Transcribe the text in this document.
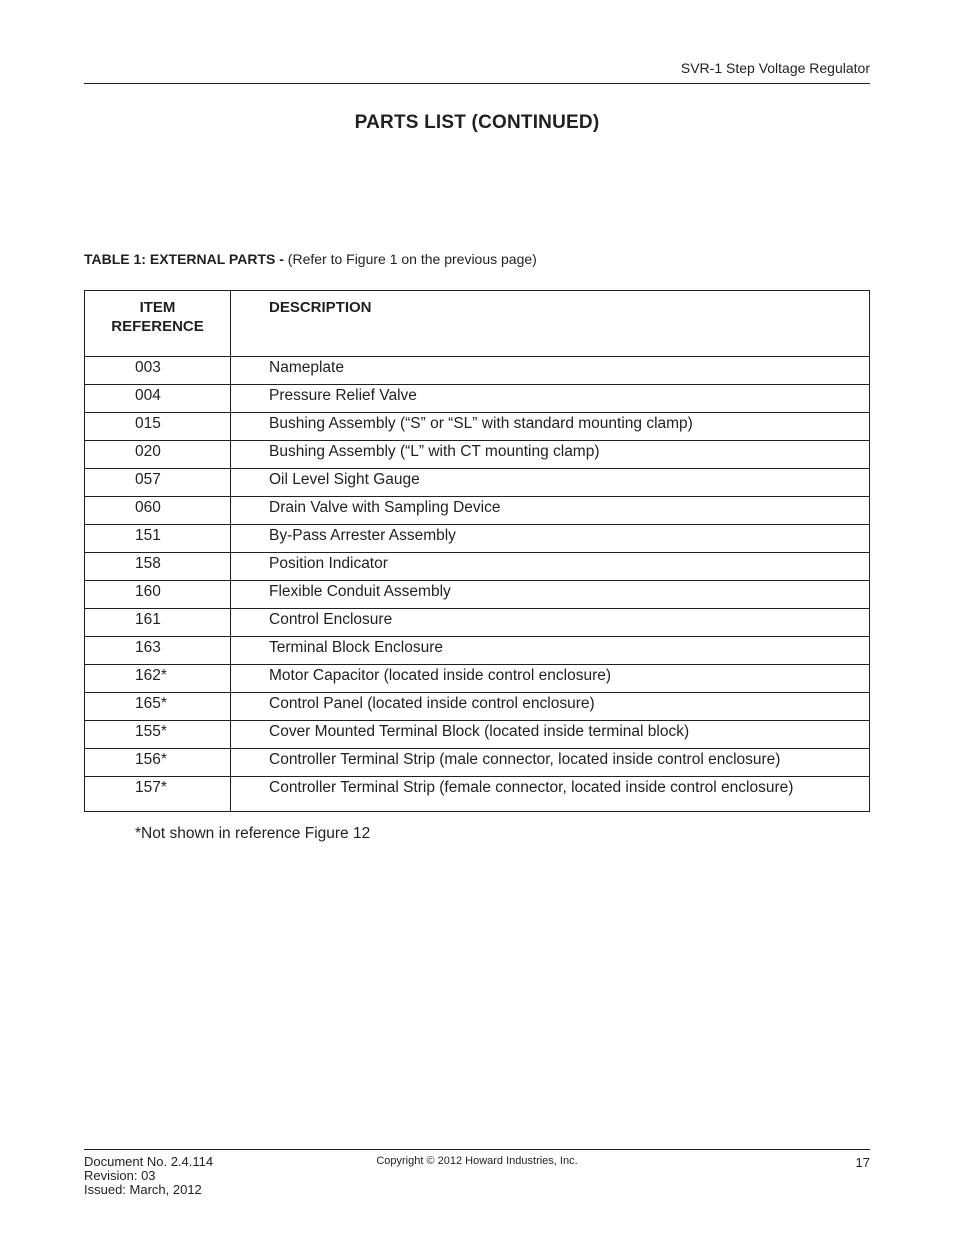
SVR-1 Step Voltage Regulator
PARTS LIST (CONTINUED)
TABLE 1: EXTERNAL PARTS - (Refer to Figure 1 on the previous page)
ITEM
REFERENCE	DESCRIPTION
003	Nameplate
004	Pressure Relief Valve
015	Bushing Assembly (“S” or “SL” with standard mounting clamp)
020	Bushing Assembly (“L” with CT mounting clamp)
057	Oil Level Sight Gauge
060	Drain Valve with Sampling Device
151	By-Pass Arrester Assembly
158	Position Indicator
160	Flexible Conduit Assembly
161	Control Enclosure
163	Terminal Block Enclosure
162*	Motor Capacitor (located inside control enclosure)
165*	Control Panel (located inside control enclosure)
155*	Cover Mounted Terminal Block (located inside terminal block)
156*	Controller Terminal Strip (male connector, located inside control enclosure)
157*	Controller Terminal Strip (female connector, located inside control enclosure)
*Not shown in reference Figure 12
Document No. 2.4.114
Revision: 03
Issued: March, 2012
Copyright © 2012 Howard Industries, Inc.	17
